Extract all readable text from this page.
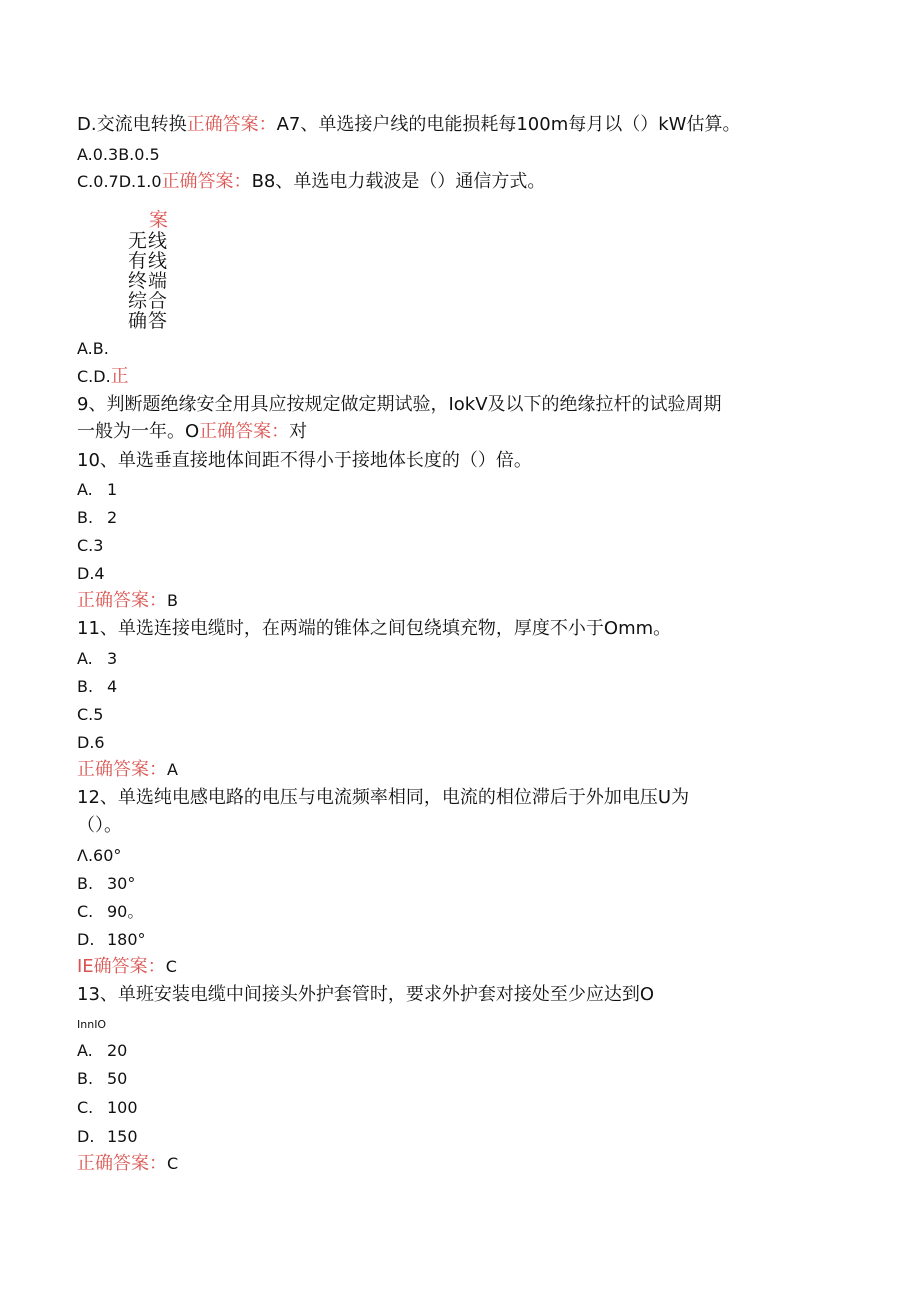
D.交流电转换正确答案：A7、单选接户线的电能损耗每100m每月以（）kW估算。
A.0.3B.0.5
C.0.7D.1.0正确答案：B8、单选电力载波是（）通信方式。
案
无线
有线
终端
综合
确答
A.B.
C.D.正
9、判断题绝缘安全用具应按规定做定期试验，IokV及以下的绝缘拉杆的试验周期
一般为一年。O正确答案：对
10、单选垂直接地体间距不得小于接地体长度的（）倍。
A. 1
B. 2
C.3
D.4
正确答案：B
11、单选连接电缆时，在两端的锥体之间包绕填充物，厚度不小于Omm。
A. 3
B. 4
C.5
D.6
正确答案：A
12、单选纯电感电路的电压与电流频率相同，电流的相位滞后于外加电压U为
（）。
Λ.60°
B. 30°
C. 90。
D. 180°
IE确答案：C
13、单班安装电缆中间接头外护套管时，要求外护套对接处至少应达到O
InnIO
A. 20
B. 50
C. 100
D. 150
正确答案：C
